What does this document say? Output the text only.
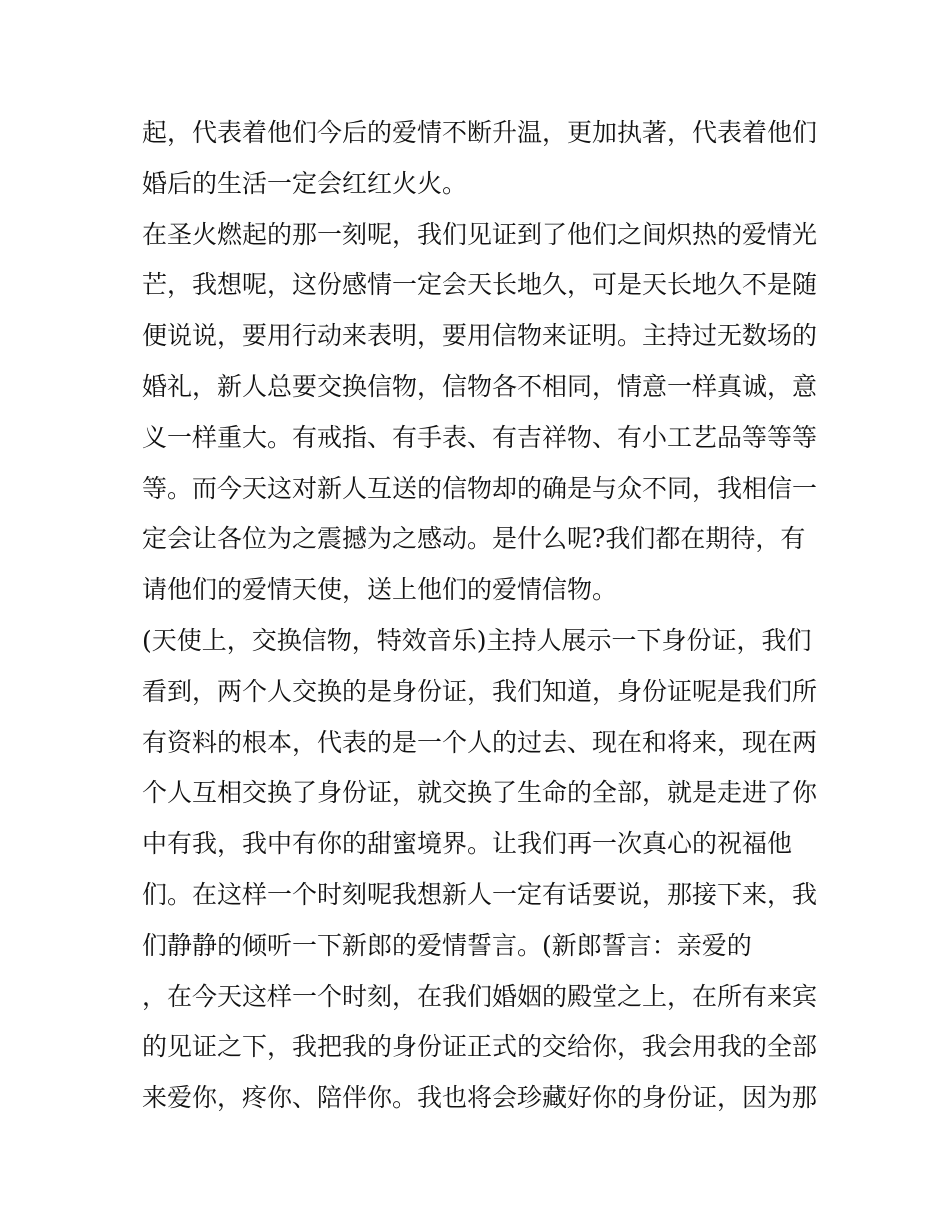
起，代表着他们今后的爱情不断升温，更加执著，代表着他们
婚后的生活一定会红红火火。
在圣火燃起的那一刻呢，我们见证到了他们之间炽热的爱情光
芒，我想呢，这份感情一定会天长地久，可是天长地久不是随
便说说，要用行动来表明，要用信物来证明。主持过无数场的
婚礼，新人总要交换信物，信物各不相同，情意一样真诚，意
义一样重大。有戒指、有手表、有吉祥物、有小工艺品等等等
等。而今天这对新人互送的信物却的确是与众不同，我相信一
定会让各位为之震撼为之感动。是什么呢?我们都在期待，有
请他们的爱情天使，送上他们的爱情信物。
(天使上，交换信物，特效音乐)主持人展示一下身份证，我们
看到，两个人交换的是身份证，我们知道，身份证呢是我们所
有资料的根本，代表的是一个人的过去、现在和将来，现在两
个人互相交换了身份证，就交换了生命的全部，就是走进了你
中有我，我中有你的甜蜜境界。让我们再一次真心的祝福他
们。在这样一个时刻呢我想新人一定有话要说，那接下来，我
们静静的倾听一下新郎的爱情誓言。(新郎誓言：亲爱的
，在今天这样一个时刻，在我们婚姻的殿堂之上，在所有来宾
的见证之下，我把我的身份证正式的交给你，我会用我的全部
来爱你，疼你、陪伴你。我也将会珍藏好你的身份证，因为那
